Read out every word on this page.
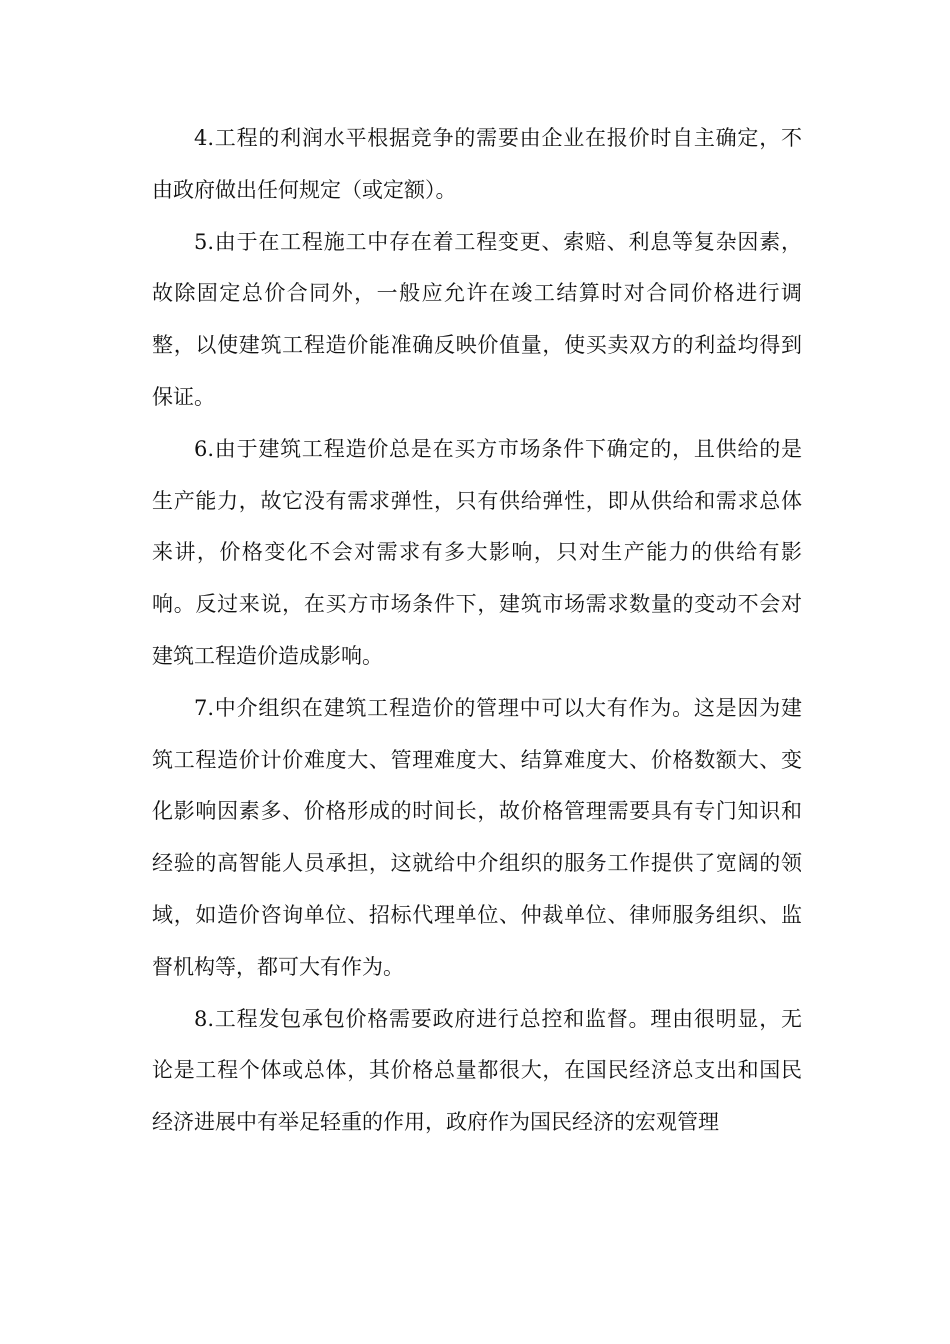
4.工程的利润水平根据竞争的需要由企业在报价时自主确定，不由政府做出任何规定（或定额）。

5.由于在工程施工中存在着工程变更、索赔、利息等复杂因素，故除固定总价合同外，一般应允许在竣工结算时对合同价格进行调整，以使建筑工程造价能准确反映价值量，使买卖双方的利益均得到保证。

6.由于建筑工程造价总是在买方市场条件下确定的，且供给的是生产能力，故它没有需求弹性，只有供给弹性，即从供给和需求总体来讲，价格变化不会对需求有多大影响，只对生产能力的供给有影响。反过来说，在买方市场条件下，建筑市场需求数量的变动不会对建筑工程造价造成影响。

7.中介组织在建筑工程造价的管理中可以大有作为。这是因为建筑工程造价计价难度大、管理难度大、结算难度大、价格数额大、变化影响因素多、价格形成的时间长，故价格管理需要具有专门知识和经验的高智能人员承担，这就给中介组织的服务工作提供了宽阔的领域，如造价咨询单位、招标代理单位、仲裁单位、律师服务组织、监督机构等，都可大有作为。

8.工程发包承包价格需要政府进行总控和监督。理由很明显，无论是工程个体或总体，其价格总量都很大，在国民经济总支出和国民经济进展中有举足轻重的作用，政府作为国民经济的宏观管理
